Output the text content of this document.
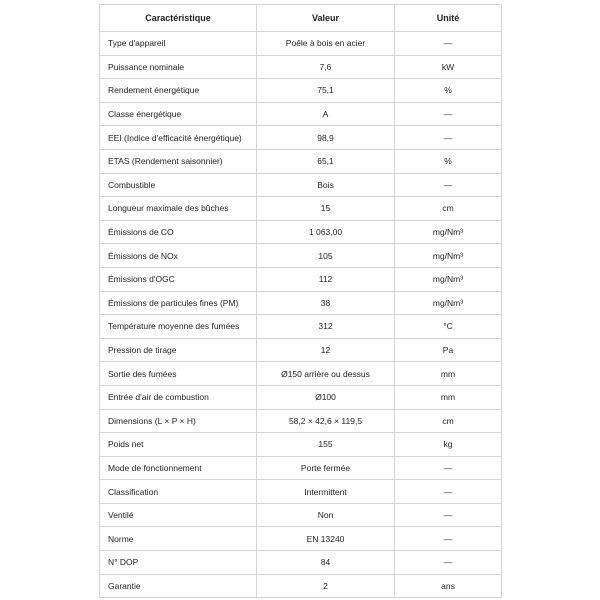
Caractéristique	Valeur	Unité
Type d'appareil	Poêle à bois en acier	—
Puissance nominale	7,6	kW
Rendement énergétique	75,1	%
Classe énergétique	A	—
EEI (Indice d'efficacité énergétique)	98,9	—
ETAS (Rendement saisonnier)	65,1	%
Combustible	Bois	—
Longueur maximale des bûches	15	cm
Émissions de CO	1 063,00	mg/Nm³
Émissions de NOx	105	mg/Nm³
Émissions d'OGC	112	mg/Nm³
Émissions de particules fines (PM)	38	mg/Nm³
Température moyenne des fumées	312	°C
Pression de tirage	12	Pa
Sortie des fumées	Ø150 arrière ou dessus	mm
Entrée d'air de combustion	Ø100	mm
Dimensions (L × P × H)	58,2 × 42,6 × 119,5	cm
Poids net	155	kg
Mode de fonctionnement	Porte fermée	—
Classification	Intermittent	—
Ventilé	Non	—
Norme	EN 13240	—
N° DOP	84	—
Garantie	2	ans
